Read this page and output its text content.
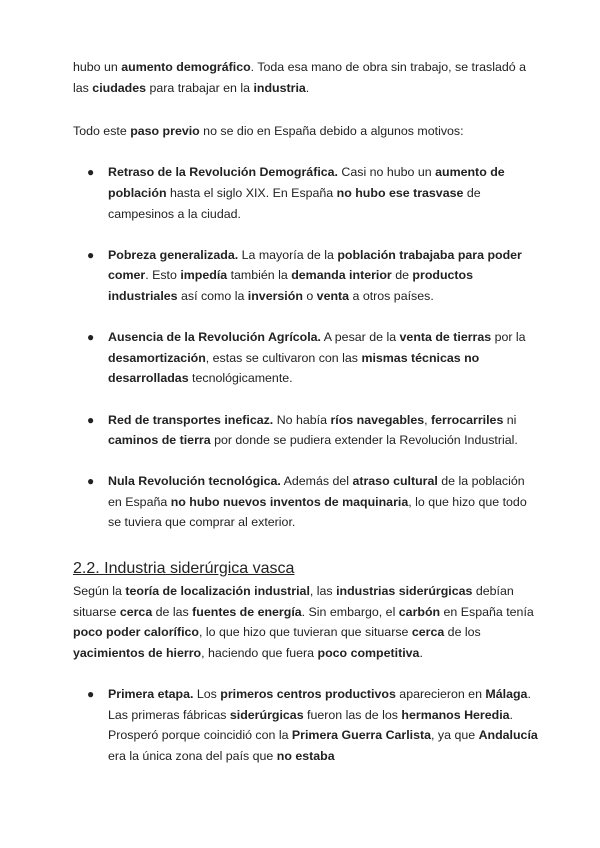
hubo un aumento demográfico. Toda esa mano de obra sin trabajo, se trasladó a las ciudades para trabajar en la industria.

Todo este paso previo no se dio en España debido a algunos motivos:

● Retraso de la Revolución Demográfica. Casi no hubo un aumento de población hasta el siglo XIX. En España no hubo ese trasvase de campesinos a la ciudad.
● Pobreza generalizada. La mayoría de la población trabajaba para poder comer. Esto impedía también la demanda interior de productos industriales así como la inversión o venta a otros países.
● Ausencia de la Revolución Agrícola. A pesar de la venta de tierras por la desamortización, estas se cultivaron con las mismas técnicas no desarrolladas tecnológicamente.
● Red de transportes ineficaz. No había ríos navegables, ferrocarriles ni caminos de tierra por donde se pudiera extender la Revolución Industrial.
● Nula Revolución tecnológica. Además del atraso cultural de la población en España no hubo nuevos inventos de maquinaria, lo que hizo que todo se tuviera que comprar al exterior.
2.2. Industria siderúrgica vasca

Según la teoría de localización industrial, las industrias siderúrgicas debían situarse cerca de las fuentes de energía. Sin embargo, el carbón en España tenía poco poder calorífico, lo que hizo que tuvieran que situarse cerca de los yacimientos de hierro, haciendo que fuera poco competitiva.

● Primera etapa. Los primeros centros productivos aparecieron en Málaga. Las primeras fábricas siderúrgicas fueron las de los hermanos Heredia. Prosperó porque coincidió con la Primera Guerra Carlista, ya que Andalucía era la única zona del país que no estaba
